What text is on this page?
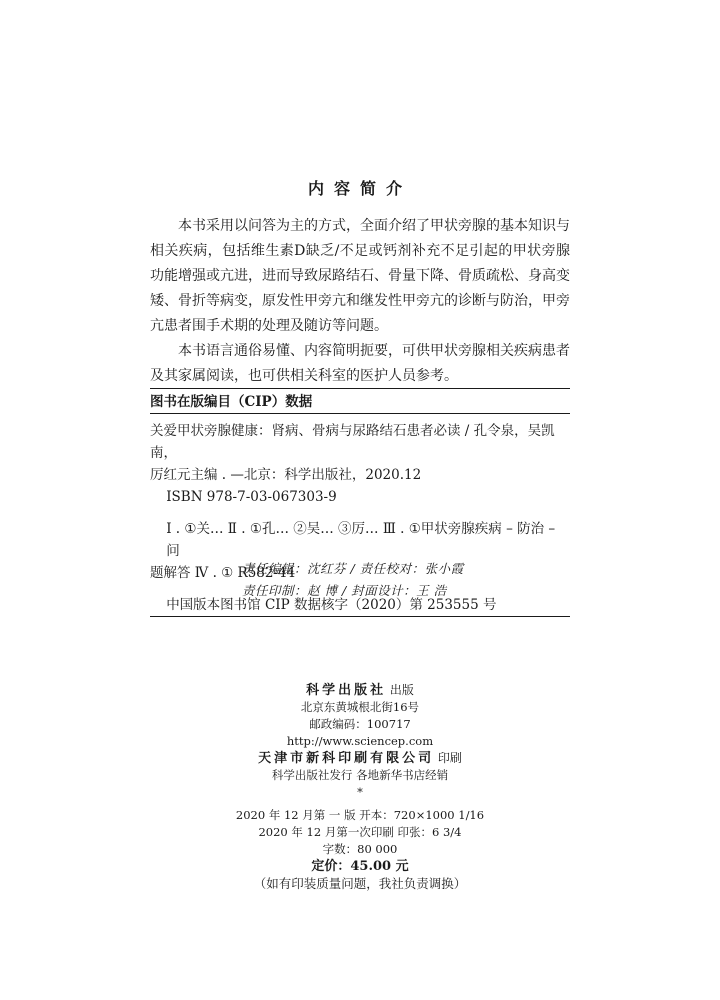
内容简介

本书采用以问答为主的方式，全面介绍了甲状旁腺的基本知识与相关疾病，包括维生素D缺乏/不足或钙剂补充不足引起的甲状旁腺功能增强或亢进，进而导致尿路结石、骨量下降、骨质疏松、身高变矮、骨折等病变，原发性甲旁亢和继发性甲旁亢的诊断与防治，甲旁亢患者围手术期的处理及随访等问题。

本书语言通俗易懂、内容简明扼要，可供甲状旁腺相关疾病患者及其家属阅读，也可供相关科室的医护人员参考。

图书在版编目（CIP）数据
关爱甲状旁腺健康：肾病、骨病与尿路结石患者必读 / 孔令泉，吴凯南，
厉红元主编 . —北京：科学出版社，2020.12
ISBN 978-7-03-067303-9
Ⅰ . ①关… Ⅱ . ①孔… ②吴… ③厉… Ⅲ . ①甲状旁腺疾病 – 防治 – 问
题解答 Ⅳ . ① R582-44
中国版本图书馆 CIP 数据核字（2020）第 253555 号
责任编辑：沈红芬 / 责任校对：张小霞
责任印制：赵 博 / 封面设计：王 浩
科学出版社 出版
北京东黄城根北街16号
邮政编码：100717
http://www.sciencep.com
天津市新科印刷有限公司 印刷
科学出版社发行 各地新华书店经销
*
2020 年 12 月第 一 版 开本：720×1000 1/16
2020 年 12 月第一次印刷 印张：6 3/4
字数：80 000
定价：45.00 元
（如有印装质量问题，我社负责调换）
